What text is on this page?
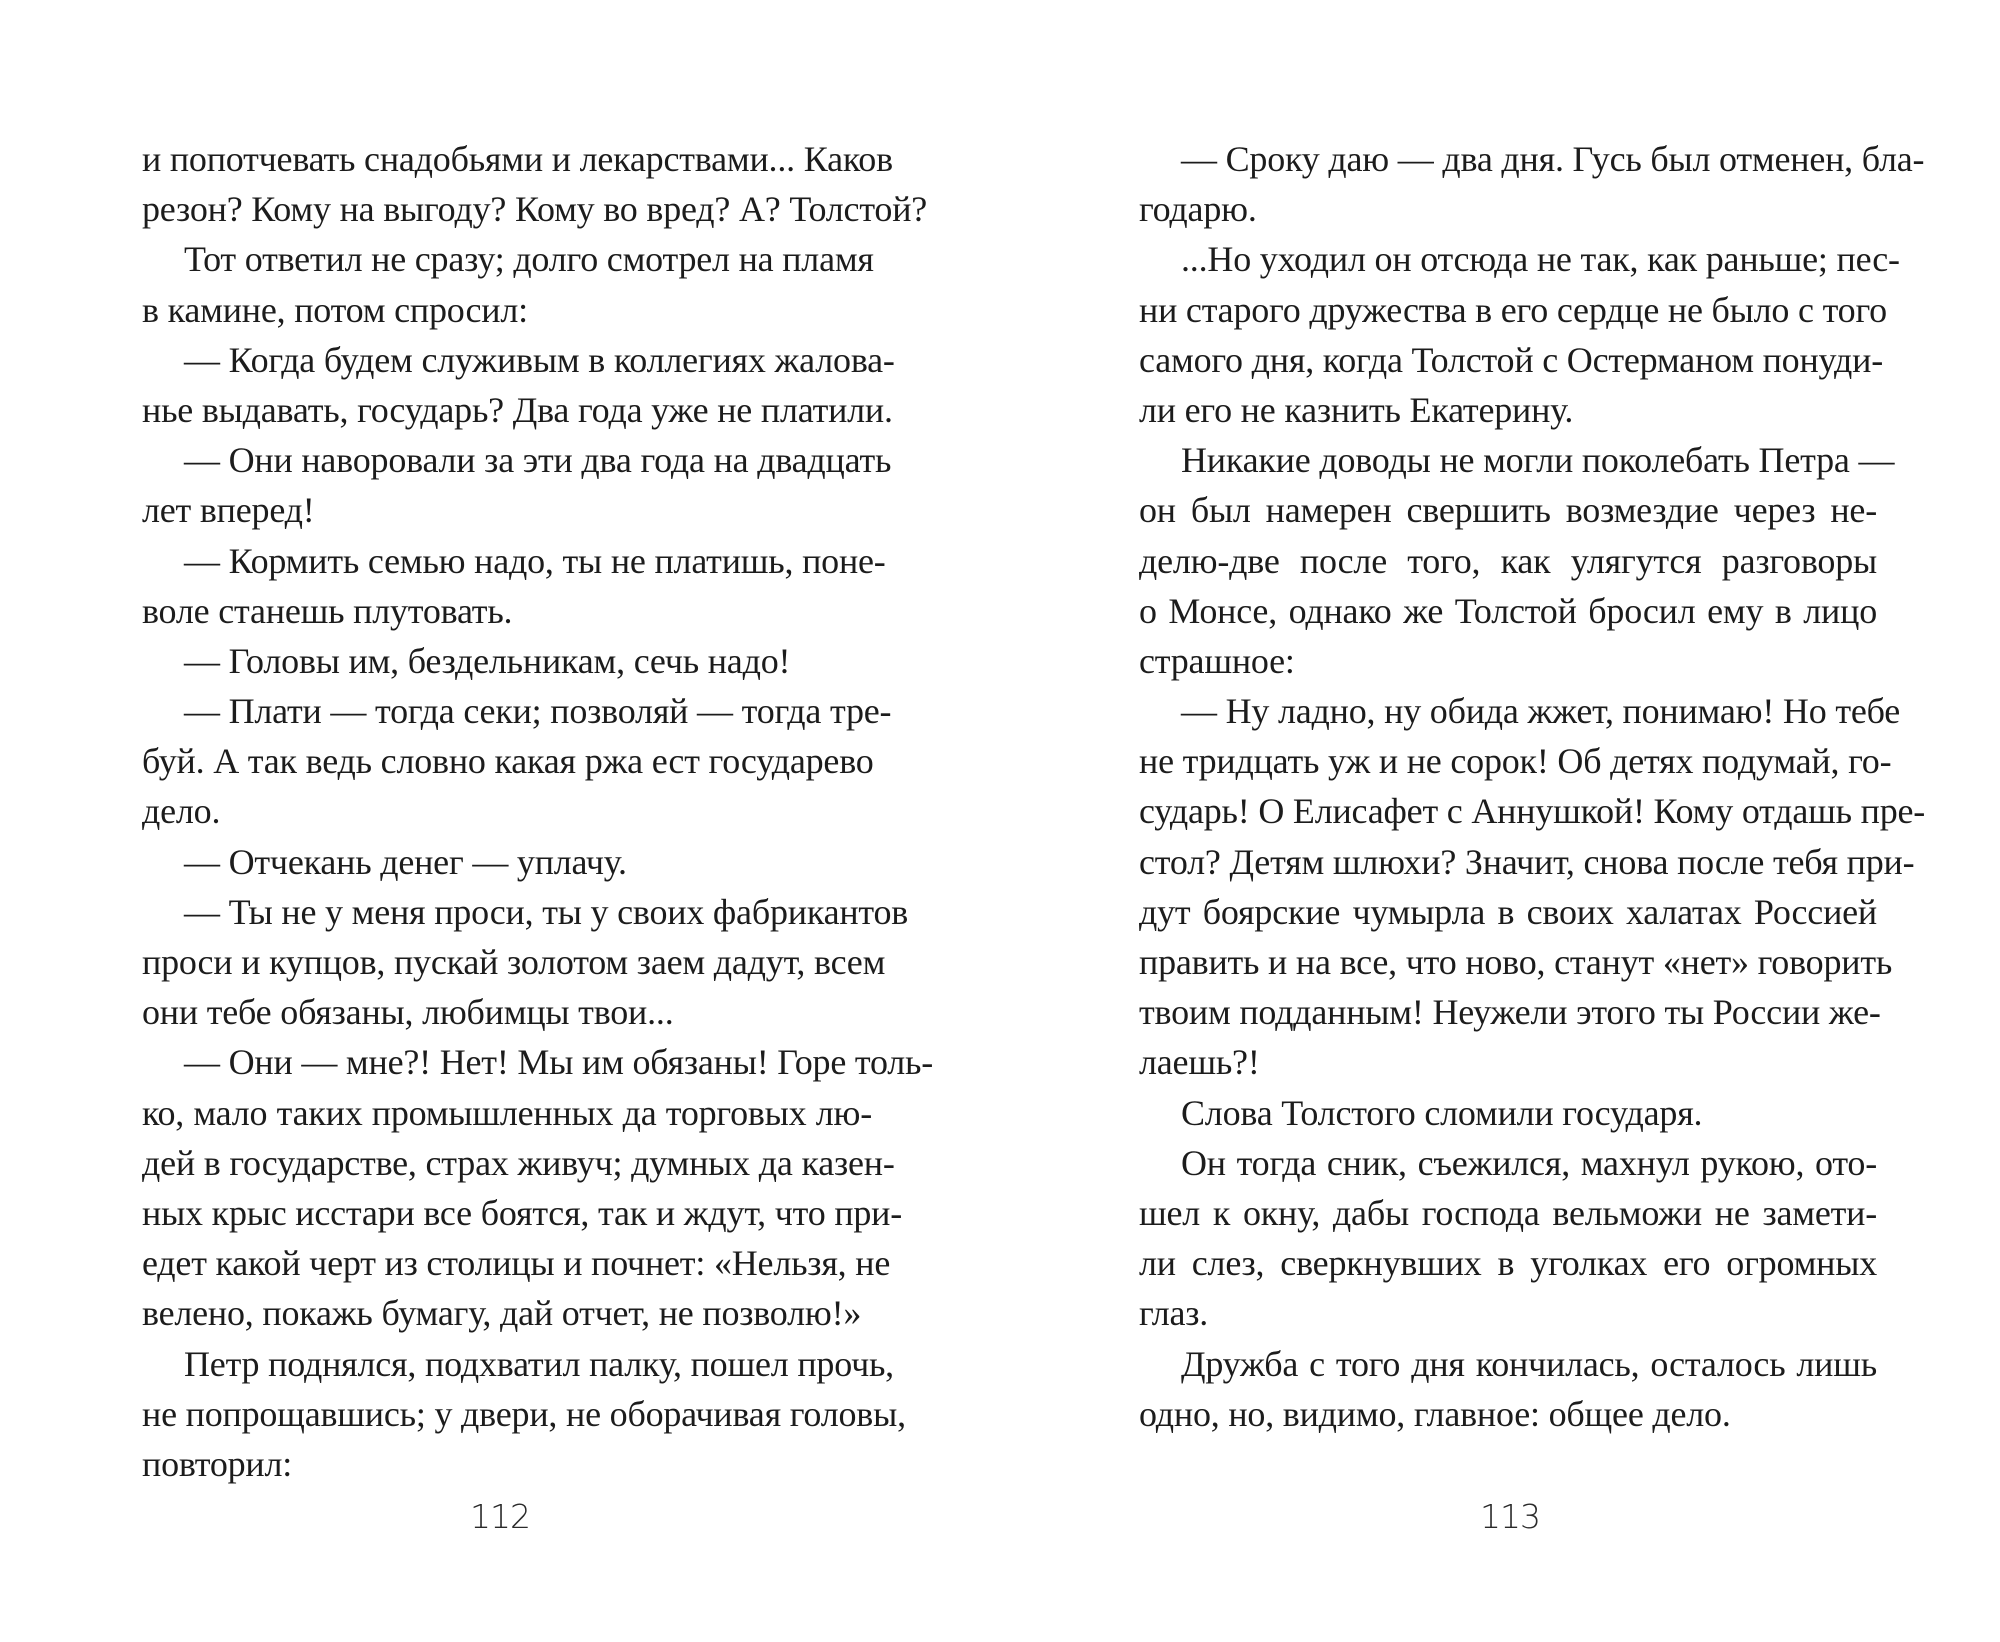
и попотчевать снадобьями и лекарствами... Каков
резон? Кому на выгоду? Кому во вред? А? Толстой?
Тот ответил не сразу; долго смотрел на пламя
в камине, потом спросил:
— Когда будем служивым в коллегиях жалова-
нье выдавать, государь? Два года уже не платили.
— Они наворовали за эти два года на двадцать
лет вперед!
— Кормить семью надо, ты не платишь, поне-
воле станешь плутовать.
— Головы им, бездельникам, сечь надо!
— Плати — тогда секи; позволяй — тогда тре-
буй. А так ведь словно какая ржа ест государево
дело.
— Отчекань денег — уплачу.
— Ты не у меня проси, ты у своих фабрикантов
проси и купцов, пускай золотом заем дадут, всем
они тебе обязаны, любимцы твои...
— Они — мне?! Нет! Мы им обязаны! Горе толь-
ко, мало таких промышленных да торговых лю-
дей в государстве, страх живуч; думных да казен-
ных крыс исстари все боятся, так и ждут, что при-
едет какой черт из столицы и почнет: «Нельзя, не
велено, покажь бумагу, дай отчет, не позволю!»
Петр поднялся, подхватил палку, пошел прочь,
не попрощавшись; у двери, не оборачивая головы,
повторил:
112
— Сроку даю — два дня. Гусь был отменен, бла-
годарю.
...Но уходил он отсюда не так, как раньше; пес-
ни старого дружества в его сердце не было с того
самого дня, когда Толстой с Остерманом понуди-
ли его не казнить Екатерину.
Никакие доводы не могли поколебать Петра —
он был намерен свершить возмездие через не-
делю-две после того, как улягутся разговоры
о Монсе, однако же Толстой бросил ему в лицо
страшное:
— Ну ладно, ну обида жжет, понимаю! Но тебе
не тридцать уж и не сорок! Об детях подумай, го-
сударь! О Елисафет с Аннушкой! Кому отдашь пре-
стол? Детям шлюхи? Значит, снова после тебя при-
дут боярские чумырла в своих халатах Россией
править и на все, что ново, станут «нет» говорить
твоим подданным! Неужели этого ты России же-
лаешь?!
Слова Толстого сломили государя.
Он тогда сник, съежился, махнул рукою, ото-
шел к окну, дабы господа вельможи не замети-
ли слез, сверкнувших в уголках его огромных
глаз.
Дружба с того дня кончилась, осталось лишь
одно, но, видимо, главное: общее дело.
113
